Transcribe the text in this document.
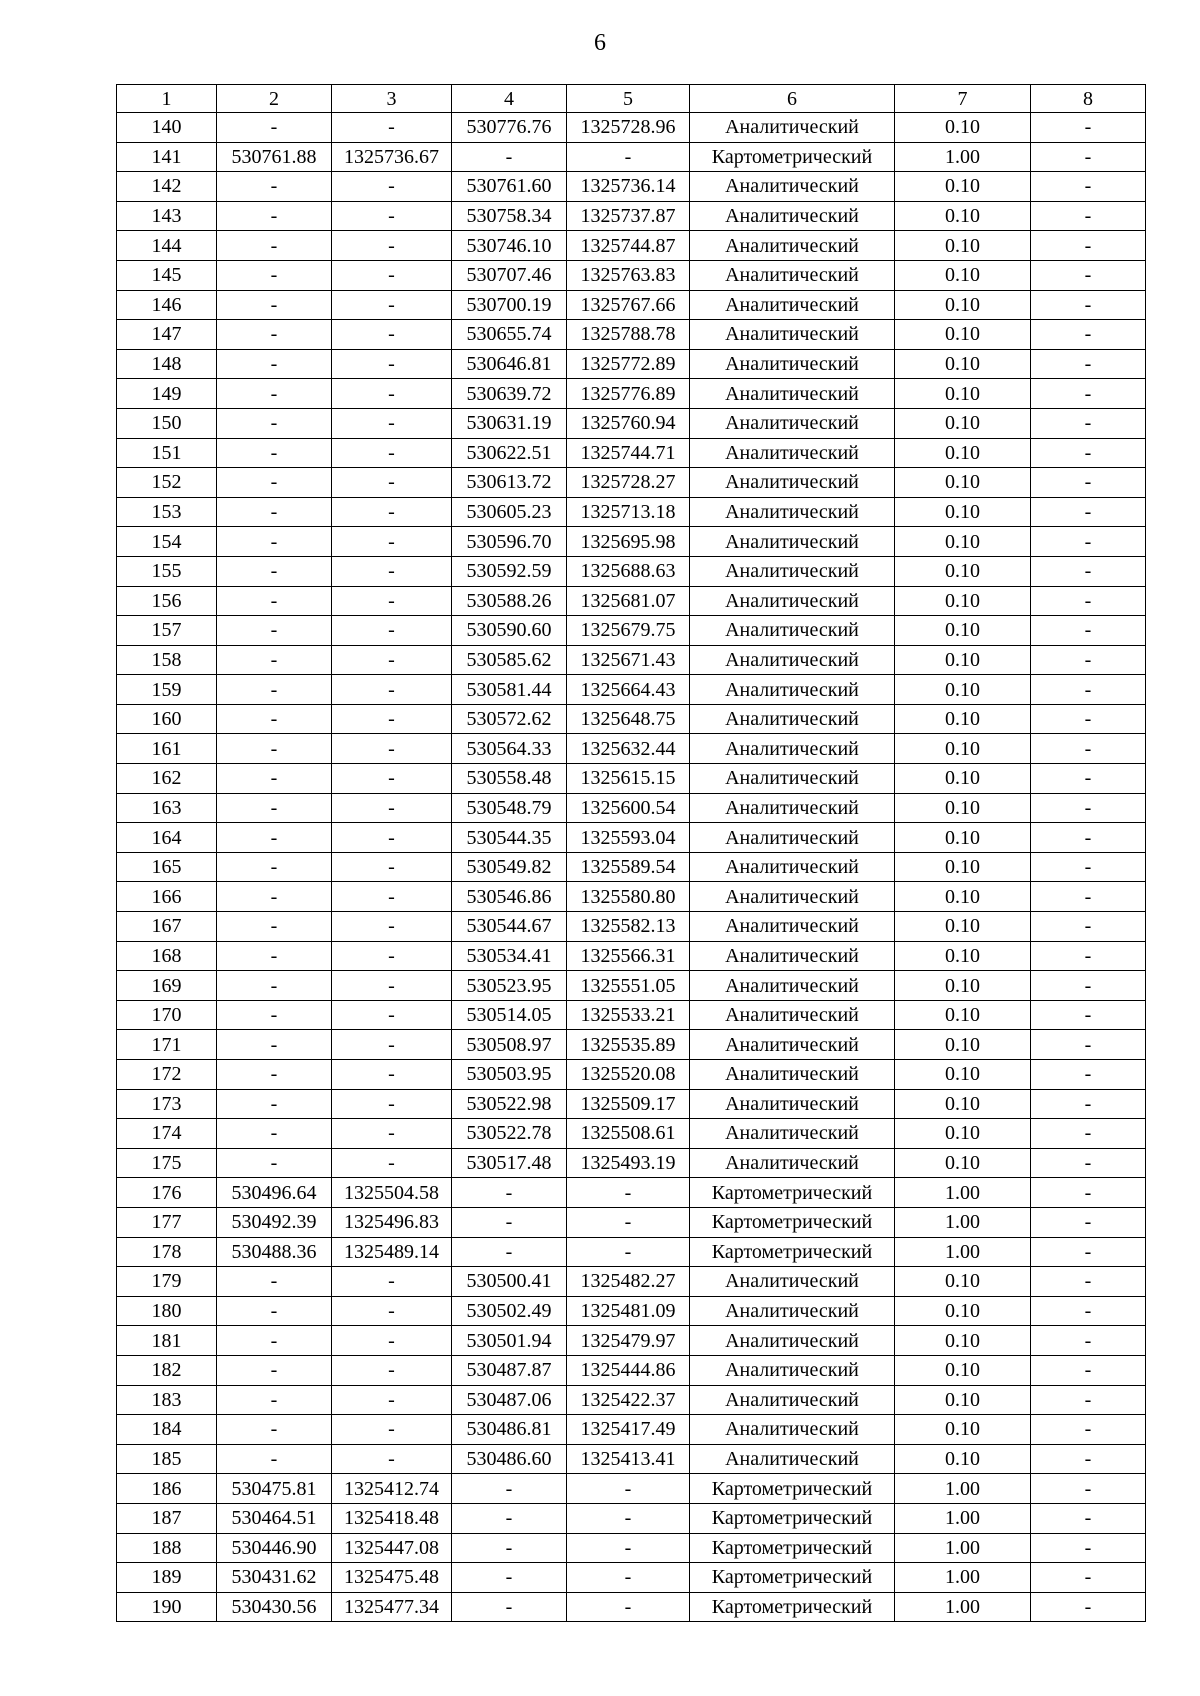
6
1	2	3	4	5	6	7	8
140	-	-	530776.76	1325728.96	Аналитический	0.10	-
141	530761.88	1325736.67	-	-	Картометрический	1.00	-
142	-	-	530761.60	1325736.14	Аналитический	0.10	-
143	-	-	530758.34	1325737.87	Аналитический	0.10	-
144	-	-	530746.10	1325744.87	Аналитический	0.10	-
145	-	-	530707.46	1325763.83	Аналитический	0.10	-
146	-	-	530700.19	1325767.66	Аналитический	0.10	-
147	-	-	530655.74	1325788.78	Аналитический	0.10	-
148	-	-	530646.81	1325772.89	Аналитический	0.10	-
149	-	-	530639.72	1325776.89	Аналитический	0.10	-
150	-	-	530631.19	1325760.94	Аналитический	0.10	-
151	-	-	530622.51	1325744.71	Аналитический	0.10	-
152	-	-	530613.72	1325728.27	Аналитический	0.10	-
153	-	-	530605.23	1325713.18	Аналитический	0.10	-
154	-	-	530596.70	1325695.98	Аналитический	0.10	-
155	-	-	530592.59	1325688.63	Аналитический	0.10	-
156	-	-	530588.26	1325681.07	Аналитический	0.10	-
157	-	-	530590.60	1325679.75	Аналитический	0.10	-
158	-	-	530585.62	1325671.43	Аналитический	0.10	-
159	-	-	530581.44	1325664.43	Аналитический	0.10	-
160	-	-	530572.62	1325648.75	Аналитический	0.10	-
161	-	-	530564.33	1325632.44	Аналитический	0.10	-
162	-	-	530558.48	1325615.15	Аналитический	0.10	-
163	-	-	530548.79	1325600.54	Аналитический	0.10	-
164	-	-	530544.35	1325593.04	Аналитический	0.10	-
165	-	-	530549.82	1325589.54	Аналитический	0.10	-
166	-	-	530546.86	1325580.80	Аналитический	0.10	-
167	-	-	530544.67	1325582.13	Аналитический	0.10	-
168	-	-	530534.41	1325566.31	Аналитический	0.10	-
169	-	-	530523.95	1325551.05	Аналитический	0.10	-
170	-	-	530514.05	1325533.21	Аналитический	0.10	-
171	-	-	530508.97	1325535.89	Аналитический	0.10	-
172	-	-	530503.95	1325520.08	Аналитический	0.10	-
173	-	-	530522.98	1325509.17	Аналитический	0.10	-
174	-	-	530522.78	1325508.61	Аналитический	0.10	-
175	-	-	530517.48	1325493.19	Аналитический	0.10	-
176	530496.64	1325504.58	-	-	Картометрический	1.00	-
177	530492.39	1325496.83	-	-	Картометрический	1.00	-
178	530488.36	1325489.14	-	-	Картометрический	1.00	-
179	-	-	530500.41	1325482.27	Аналитический	0.10	-
180	-	-	530502.49	1325481.09	Аналитический	0.10	-
181	-	-	530501.94	1325479.97	Аналитический	0.10	-
182	-	-	530487.87	1325444.86	Аналитический	0.10	-
183	-	-	530487.06	1325422.37	Аналитический	0.10	-
184	-	-	530486.81	1325417.49	Аналитический	0.10	-
185	-	-	530486.60	1325413.41	Аналитический	0.10	-
186	530475.81	1325412.74	-	-	Картометрический	1.00	-
187	530464.51	1325418.48	-	-	Картометрический	1.00	-
188	530446.90	1325447.08	-	-	Картометрический	1.00	-
189	530431.62	1325475.48	-	-	Картометрический	1.00	-
190	530430.56	1325477.34	-	-	Картометрический	1.00	-
